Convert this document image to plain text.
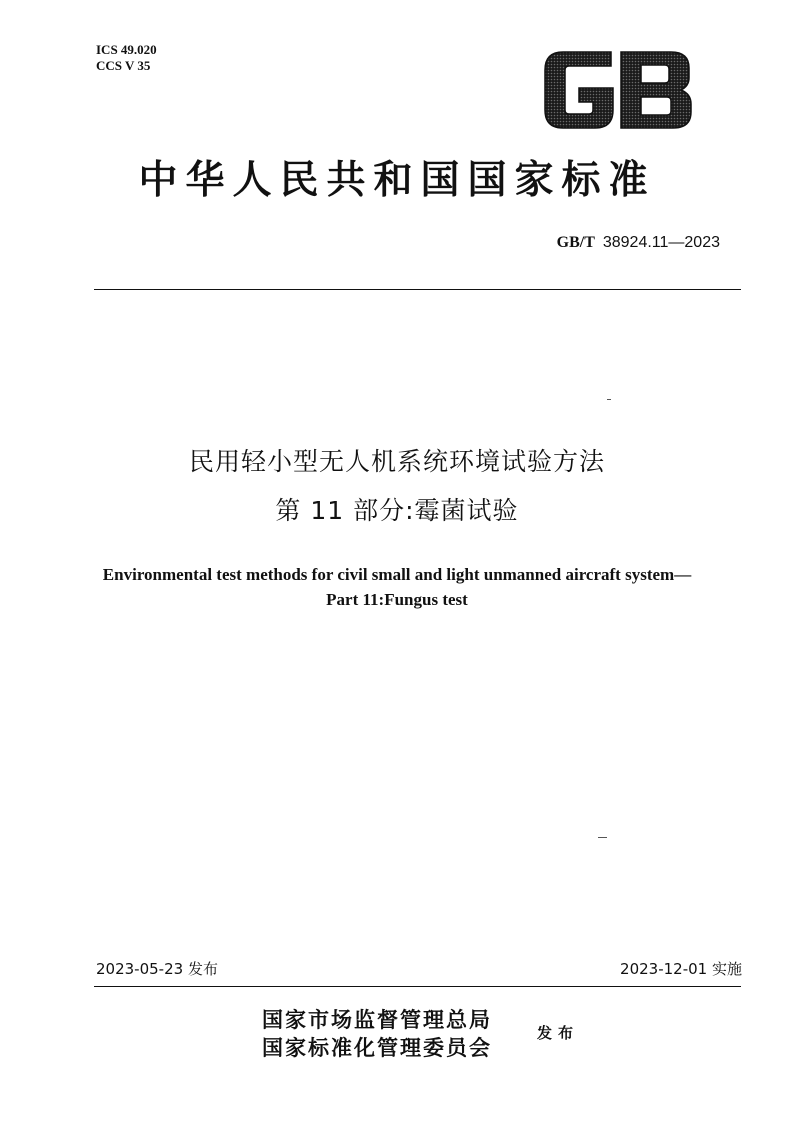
ICS 49.020
CCS V 35
中华人民共和国国家标准
GB/T 38924.11—2023
民用轻小型无人机系统环境试验方法
第 11 部分:霉菌试验
Environmental test methods for civil small and light unmanned aircraft system—
Part 11:Fungus test
2023-05-23 发布	2023-12-01 实施
国家市场监督管理总局
国家标准化管理委员会
发布
